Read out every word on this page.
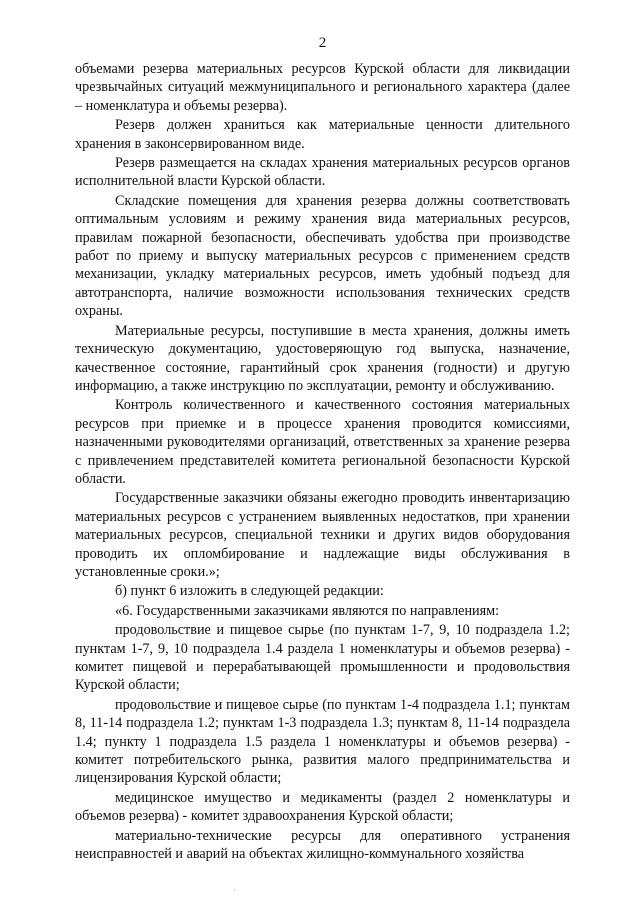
2

объемами резерва материальных ресурсов Курской области для ликвидации чрезвычайных ситуаций межмуниципального и регионального характера (далее – номенклатура и объемы резерва).

Резерв должен храниться как материальные ценности длительного хранения в законсервированном виде.

Резерв размещается на складах хранения материальных ресурсов органов исполнительной власти Курской области.

Складские помещения для хранения резерва должны соответствовать оптимальным условиям и режиму хранения вида материальных ресурсов, правилам пожарной безопасности, обеспечивать удобства при производстве работ по приему и выпуску материальных ресурсов с применением средств механизации, укладку материальных ресурсов, иметь удобный подъезд для автотранспорта, наличие возможности использования технических средств охраны.

Материальные ресурсы, поступившие в места хранения, должны иметь техническую документацию, удостоверяющую год выпуска, назначение, качественное состояние, гарантийный срок хранения (годности) и другую информацию, а также инструкцию по эксплуатации, ремонту и обслуживанию.

Контроль количественного и качественного состояния материальных ресурсов при приемке и в процессе хранения проводится комиссиями, назначенными руководителями организаций, ответственных за хранение резерва с привлечением представителей комитета региональной безопасности Курской области.

Государственные заказчики обязаны ежегодно проводить инвентаризацию материальных ресурсов с устранением выявленных недостатков, при хранении материальных ресурсов, специальной техники и других видов оборудования проводить их опломбирование и надлежащие виды обслуживания в установленные сроки.»;

б) пункт 6 изложить в следующей редакции:

«6. Государственными заказчиками являются по направлениям:

продовольствие и пищевое сырье (по пунктам 1-7, 9, 10 подраздела 1.2; пунктам 1-7, 9, 10 подраздела 1.4 раздела 1 номенклатуры и объемов резерва) - комитет пищевой и перерабатывающей промышленности и продовольствия Курской области;

продовольствие и пищевое сырье (по пунктам 1-4 подраздела 1.1; пунктам 8, 11-14 подраздела 1.2; пунктам 1-3 подраздела 1.3; пунктам 8, 11-14 подраздела 1.4; пункту 1 подраздела 1.5 раздела 1 номенклатуры и объемов резерва) - комитет потребительского рынка, развития малого предпринимательства и лицензирования Курской области;

медицинское имущество и медикаменты (раздел 2 номенклатуры и объемов резерва) - комитет здравоохранения Курской области;

материально-технические ресурсы для оперативного устранения неисправностей и аварий на объектах жилищно-коммунального хозяйства

·
·
